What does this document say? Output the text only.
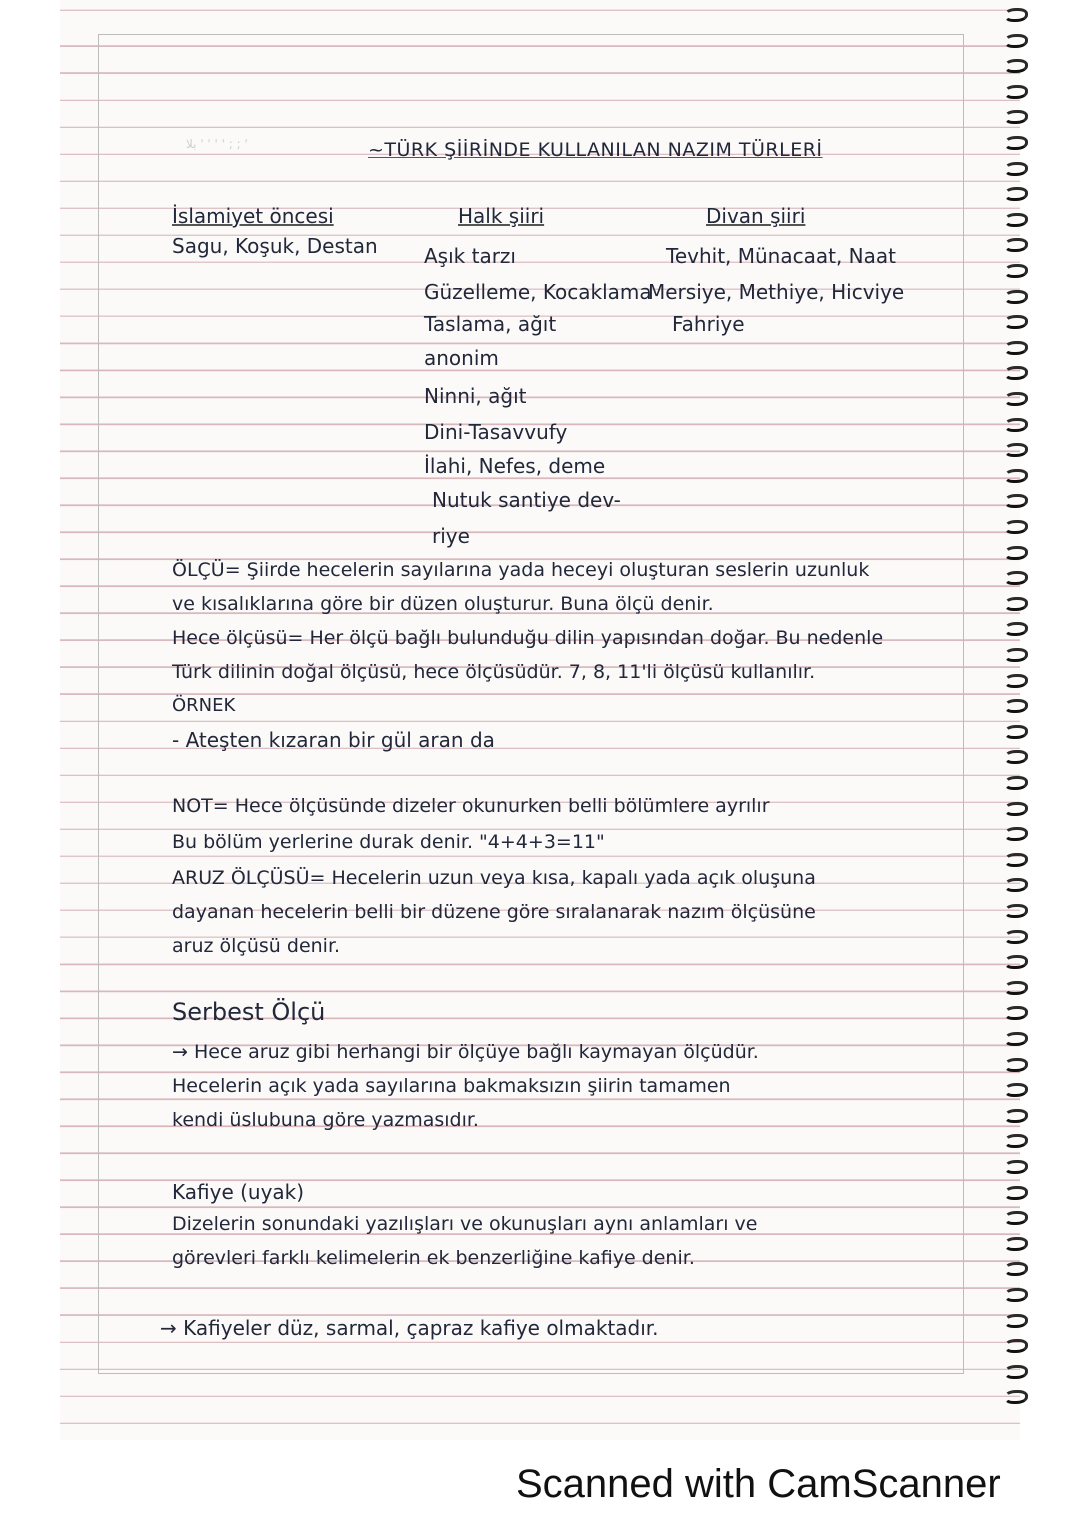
بلا ' ' ' ' ; ; '	~TÜRK ŞİİRİNDE KULLANILAN NAZIM TÜRLERİ
İslamiyet öncesi
Sagu, Koşuk, Destan
Halk şiiri
Aşık tarzı
Güzelleme, Kocaklama
Taslama, ağıt
anonim
Ninni, ağıt
Dini-Tasavvufy
İlahi, Nefes, deme
Nutuk santiye dev-
riye
Divan şiiri
Tevhit, Münacaat, Naat
Mersiye, Methiye, Hicviye
Fahriye
ÖLÇÜ= Şiirde hecelerin sayılarına yada heceyi oluşturan seslerin uzunluk
ve kısalıklarına göre bir düzen oluşturur. Buna ölçü denir.
Hece ölçüsü= Her ölçü bağlı bulunduğu dilin yapısından doğar. Bu nedenle
Türk dilinin doğal ölçüsü, hece ölçüsüdür. 7, 8, 11'li ölçüsü kullanılır.
ÖRNEK
- Ateşten kızaran bir gül aran da
NOT= Hece ölçüsünde dizeler okunurken belli bölümlere ayrılır
Bu bölüm yerlerine durak denir. "4+4+3=11"
ARUZ ÖLÇÜSÜ= Hecelerin uzun veya kısa, kapalı yada açık oluşuna
dayanan hecelerin belli bir düzene göre sıralanarak nazım ölçüsüne
aruz ölçüsü denir.
Serbest Ölçü
→ Hece aruz gibi herhangi bir ölçüye bağlı kaymayan ölçüdür.
Hecelerin açık yada sayılarına bakmaksızın şiirin tamamen
kendi üslubuna göre yazmasıdır.
Kafiye (uyak)
Dizelerin sonundaki yazılışları ve okunuşları aynı anlamları ve
görevleri farklı kelimelerin ek benzerliğine kafiye denir.
→ Kafiyeler düz, sarmal, çapraz kafiye olmaktadır.
Scanned with CamScanner
